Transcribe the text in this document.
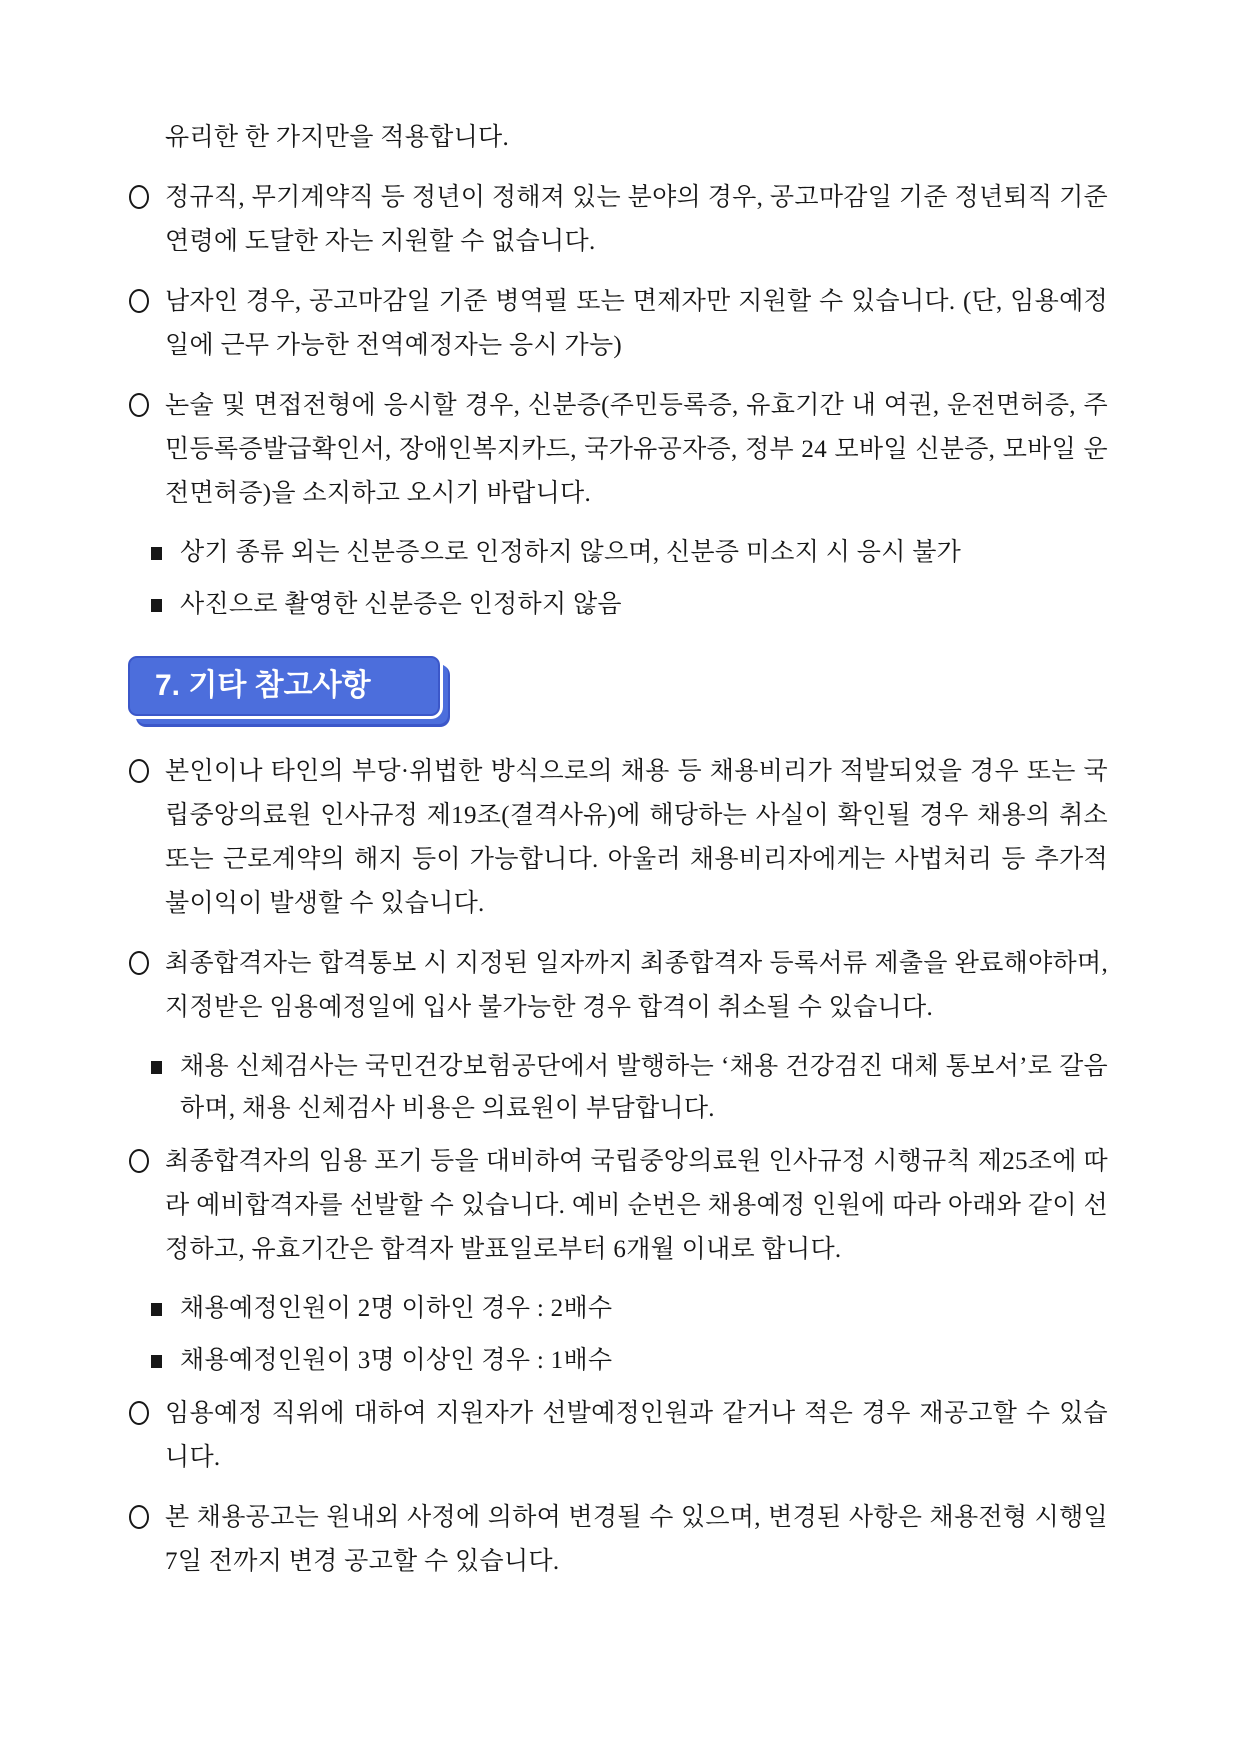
유리한 한 가지만을 적용합니다.

정규직, 무기계약직 등 정년이 정해져 있는 분야의 경우, 공고마감일 기준 정년퇴직 기준연령에 도달한 자는 지원할 수 없습니다.

남자인 경우, 공고마감일 기준 병역필 또는 면제자만 지원할 수 있습니다. (단, 임용예정일에 근무 가능한 전역예정자는 응시 가능)

논술 및 면접전형에 응시할 경우, 신분증(주민등록증, 유효기간 내 여권, 운전면허증, 주민등록증발급확인서, 장애인복지카드, 국가유공자증, 정부 24 모바일 신분증, 모바일 운전면허증)을 소지하고 오시기 바랍니다.

상기 종류 외는 신분증으로 인정하지 않으며, 신분증 미소지 시 응시 불가

사진으로 촬영한 신분증은 인정하지 않음

7. 기타 참고사항

본인이나 타인의 부당·위법한 방식으로의 채용 등 채용비리가 적발되었을 경우 또는 국립중앙의료원 인사규정 제19조(결격사유)에 해당하는 사실이 확인될 경우 채용의 취소 또는 근로계약의 해지 등이 가능합니다. 아울러 채용비리자에게는 사법처리 등 추가적 불이익이 발생할 수 있습니다.

최종합격자는 합격통보 시 지정된 일자까지 최종합격자 등록서류 제출을 완료해야하며, 지정받은 임용예정일에 입사 불가능한 경우 합격이 취소될 수 있습니다.

채용 신체검사는 국민건강보험공단에서 발행하는 ‘채용 건강검진 대체 통보서’로 갈음하며, 채용 신체검사 비용은 의료원이 부담합니다.

최종합격자의 임용 포기 등을 대비하여 국립중앙의료원 인사규정 시행규칙 제25조에 따라 예비합격자를 선발할 수 있습니다. 예비 순번은 채용예정 인원에 따라 아래와 같이 선정하고, 유효기간은 합격자 발표일로부터 6개월 이내로 합니다.

채용예정인원이 2명 이하인 경우 : 2배수

채용예정인원이 3명 이상인 경우 : 1배수

임용예정 직위에 대하여 지원자가 선발예정인원과 같거나 적은 경우 재공고할 수 있습니다.

본 채용공고는 원내외 사정에 의하여 변경될 수 있으며, 변경된 사항은 채용전형 시행일 7일 전까지 변경 공고할 수 있습니다.
